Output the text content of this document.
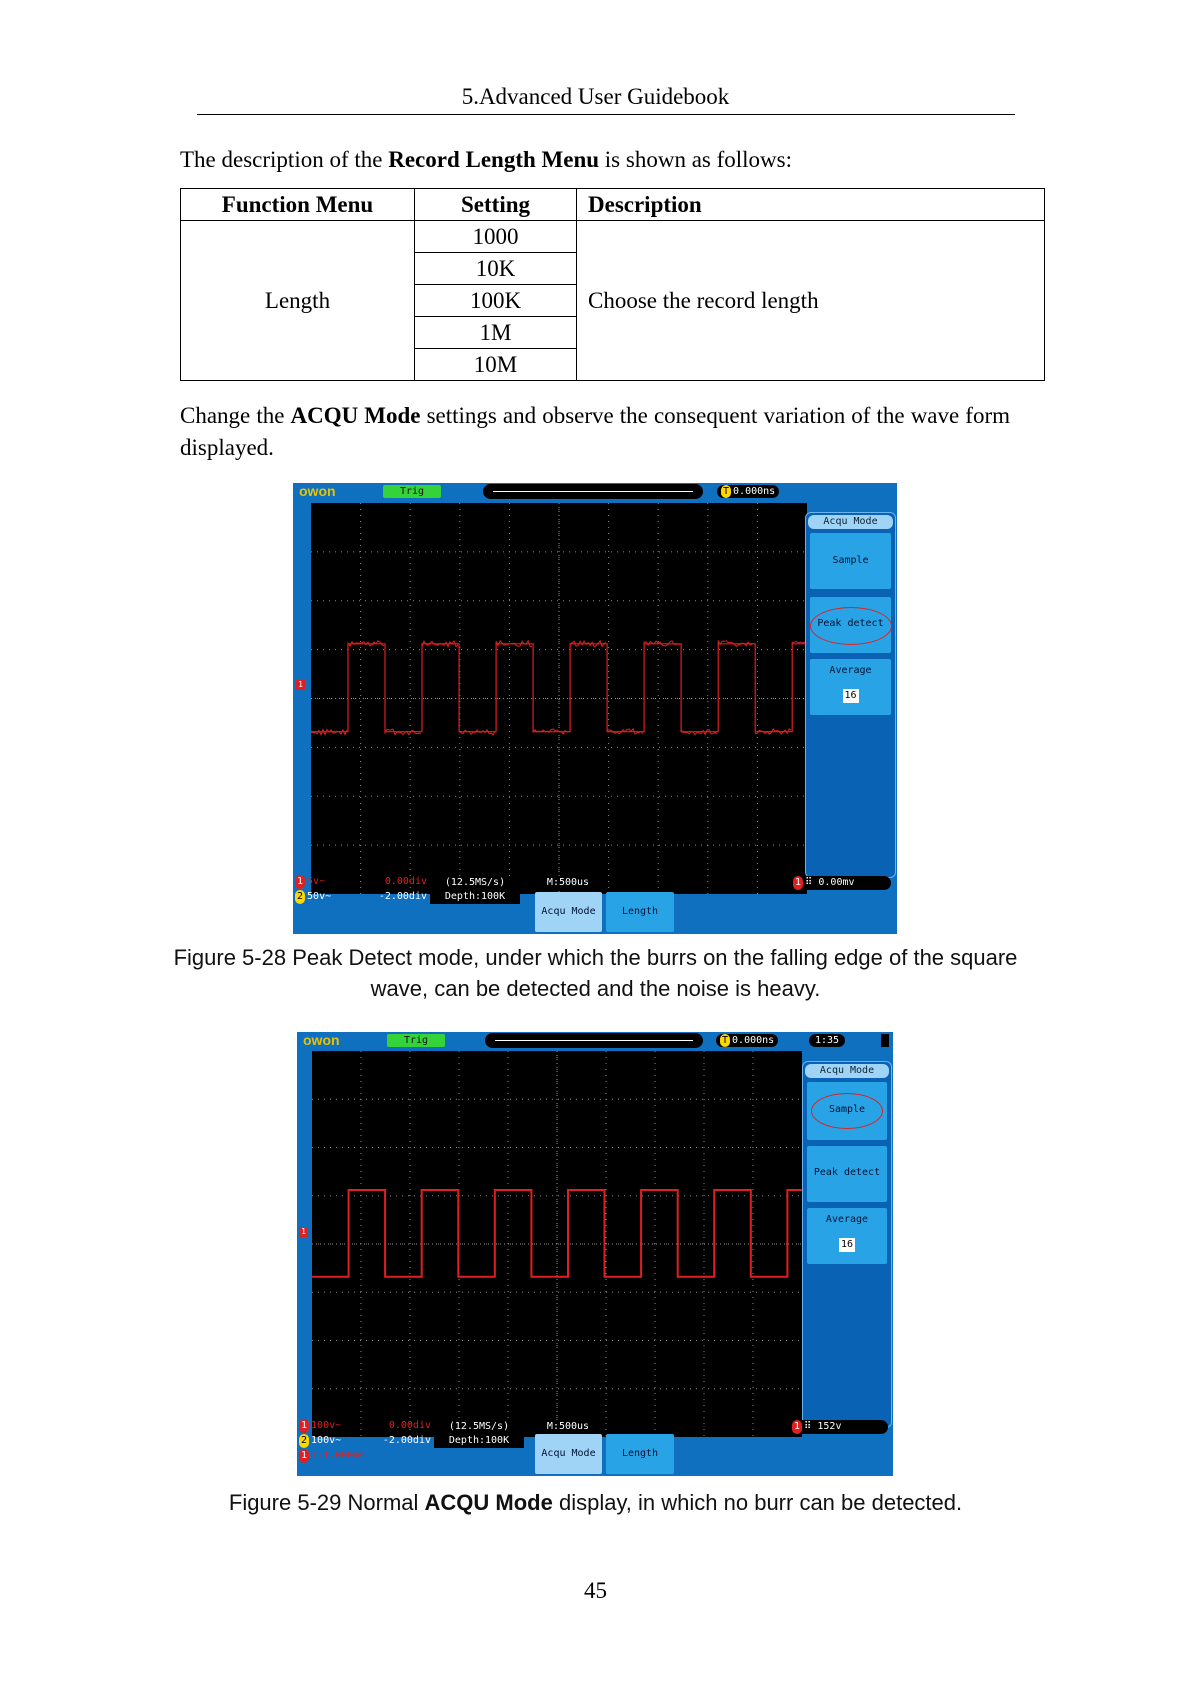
5.Advanced User Guidebook
The description of the Record Length Menu is shown as follows:
Function Menu	Setting	Description
Length	1000	Choose the record length
	10K	
	100K	
	1M	
	10M	
Change the ACQU Mode settings and observe the consequent variation of the wave form displayed.
owon	Trig	T 0.000ns
1
Acqu Mode
Sample
Peak detect
Average
16
1 5v~	0.00div
2 50v~	-2.00div
(12.5MS/s)
Depth:100K
M:500us	1 ⠿ 0.00mv
Acqu Mode	Length
Figure 5-28 Peak Detect mode, under which the burrs on the falling edge of the square wave, can be detected and the noise is heavy.
owon	Trig	T 0.000ns	1:35
1
Acqu Mode
Sample
Peak detect
Average
16
1 100v~	0.00div
2 100v~	-2.00div
1 T:1.000ms
(12.5MS/s)
Depth:100K
M:500us	1 ⠿ 152v
Acqu Mode	Length
Figure 5-29 Normal ACQU Mode display, in which no burr can be detected.
45
